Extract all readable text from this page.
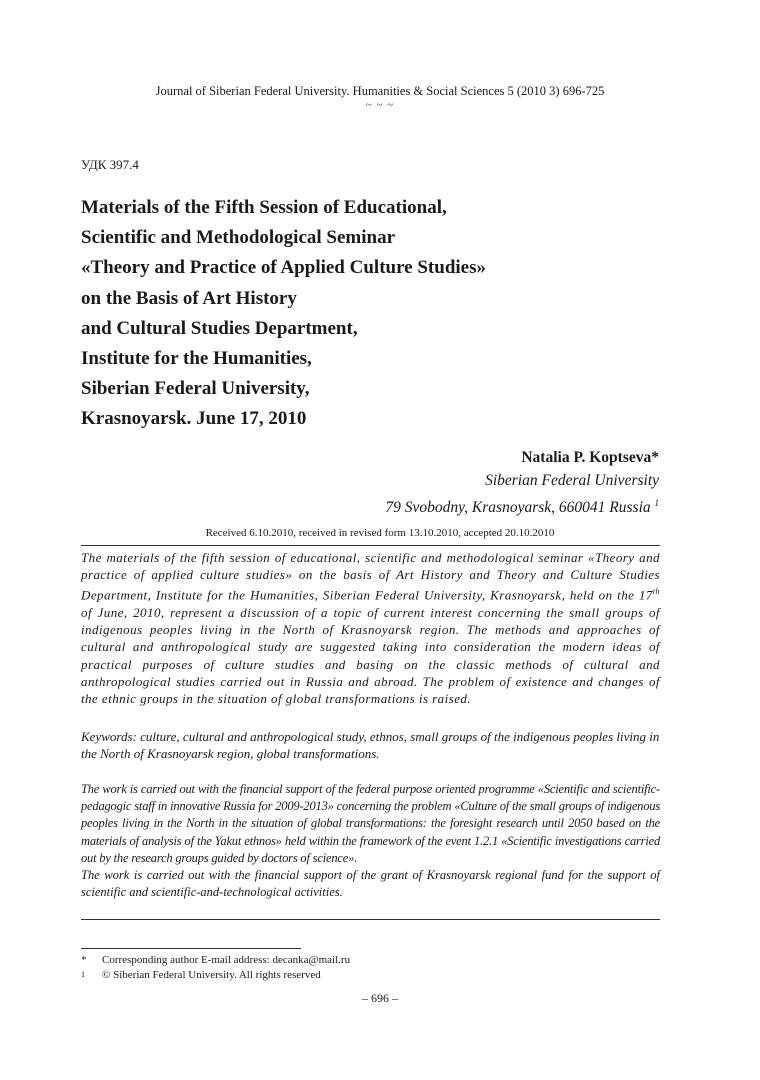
Journal of Siberian Federal University. Humanities & Social Sciences 5 (2010 3) 696-725
~ ~ ~
УДК 397.4
Materials of the Fifth Session of Educational,
Scientific and Methodological Seminar
«Theory and Practice of Applied Culture Studies»
on the Basis of Art History
and Cultural Studies Department,
Institute for the Humanities,
Siberian Federal University,
Krasnoyarsk. June 17, 2010
Natalia P. Koptseva*
Siberian Federal University
79 Svobodny, Krasnoyarsk, 660041 Russia $^1$
Received 6.10.2010, received in revised form 13.10.2010, accepted 20.10.2010
The materials of the fifth session of educational, scientific and methodological seminar «Theory and practice of applied culture studies» on the basis of Art History and Theory and Culture Studies Department, Institute for the Humanities, Siberian Federal University, Krasnoyarsk, held on the 17th of June, 2010, represent a discussion of a topic of current interest concerning the small groups of indigenous peoples living in the North of Krasnoyarsk region. The methods and approaches of cultural and anthropological study are suggested taking into consideration the modern ideas of practical purposes of culture studies and basing on the classic methods of cultural and anthropological studies carried out in Russia and abroad. The problem of existence and changes of the ethnic groups in the situation of global transformations is raised.
Keywords: culture, cultural and anthropological study, ethnos, small groups of the indigenous peoples living in the North of Krasnoyarsk region, global transformations.
The work is carried out with the financial support of the federal purpose oriented programme «Scientific and scientific-pedagogic staff in innovative Russia for 2009-2013» concerning the problem «Culture of the small groups of indigenous peoples living in the North in the situation of global transformations: the foresight research until 2050 based on the materials of analysis of the Yakut ethnos» held within the framework of the event 1.2.1 «Scientific investigations carried out by the research groups guided by doctors of science».
The work is carried out with the financial support of the grant of Krasnoyarsk regional fund for the support of scientific and scientific-and-technological activities.
*	Corresponding author E-mail address: decanka@mail.ru
1	© Siberian Federal University. All rights reserved
– 696 –
